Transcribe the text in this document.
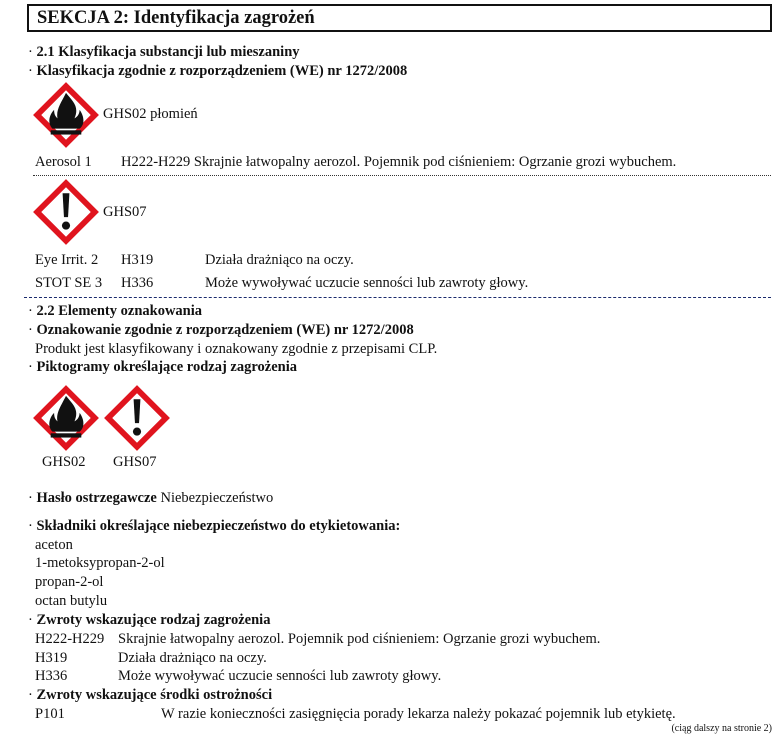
SEKCJA 2: Identyfikacja zagrożeń
· 2.1 Klasyfikacja substancji lub mieszaniny
· Klasyfikacja zgodnie z rozporządzeniem (WE) nr 1272/2008
GHS02 płomień
Aerosol 1 H222-H229 Skrajnie łatwopalny aerozol. Pojemnik pod ciśnieniem: Ogrzanie grozi wybuchem.
GHS07
Eye Irrit. 2 H319	Działa drażniąco na oczy.
STOT SE 3 H336	Może wywoływać uczucie senności lub zawroty głowy.
· 2.2 Elementy oznakowania
· Oznakowanie zgodnie z rozporządzeniem (WE) nr 1272/2008
Produkt jest klasyfikowany i oznakowany zgodnie z przepisami CLP.
· Piktogramy określające rodzaj zagrożenia
GHS02 GHS07
· Hasło ostrzegawcze Niebezpieczeństwo
· Składniki określające niebezpieczeństwo do etykietowania:
aceton
1-metoksypropan-2-ol
propan-2-ol
octan butylu
· Zwroty wskazujące rodzaj zagrożenia
H222-H229 Skrajnie łatwopalny aerozol. Pojemnik pod ciśnieniem: Ogrzanie grozi wybuchem.
H319	Działa drażniąco na oczy.
H336	Może wywoływać uczucie senności lub zawroty głowy.
· Zwroty wskazujące środki ostrożności
P101	W razie konieczności zasięgnięcia porady lekarza należy pokazać pojemnik lub etykietę.
(ciąg dalszy na stronie 2)
